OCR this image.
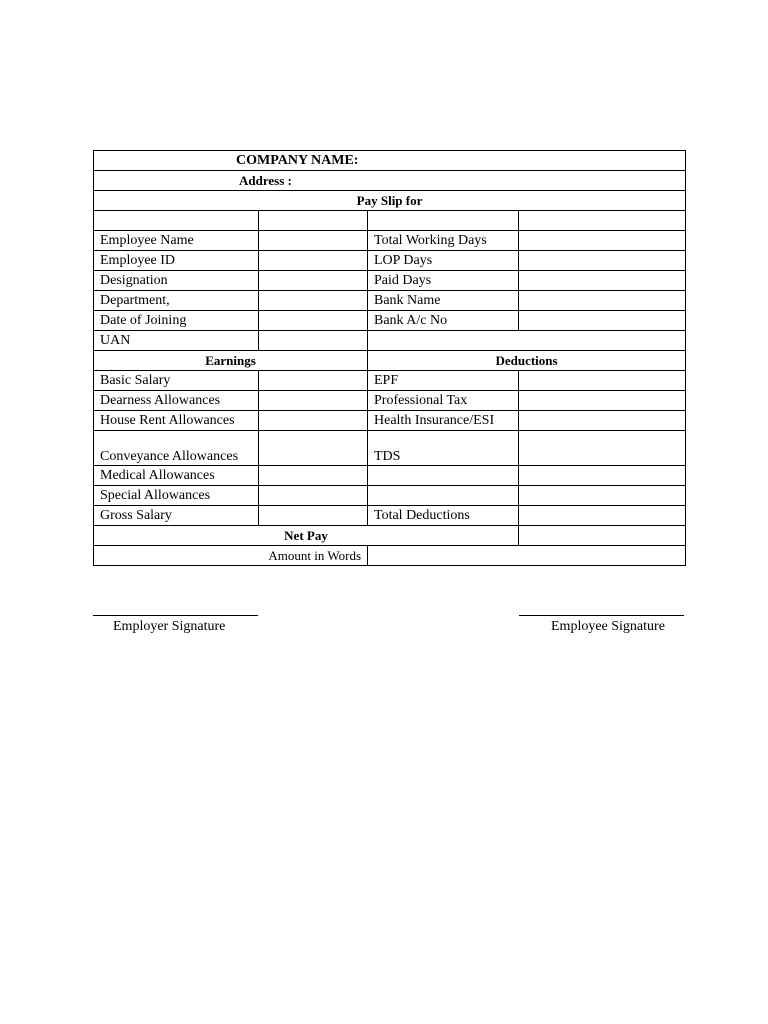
COMPANY NAME:			
Address :			
Pay Slip for			

Employee Name		Total Working Days	
Employee ID		LOP Days	
Designation		Paid Days	
Department,		Bank Name	
Date of Joining		Bank A/c No	
UAN			
Earnings		Deductions	
Basic Salary		EPF	
Dearness Allowances		Professional Tax	
House Rent Allowances		Health Insurance/ESI	
Conveyance Allowances		TDS	
Medical Allowances			
Special Allowances			
Gross Salary		Total Deductions	
Net Pay			
Amount in Words			
Employer Signature	Employee Signature
